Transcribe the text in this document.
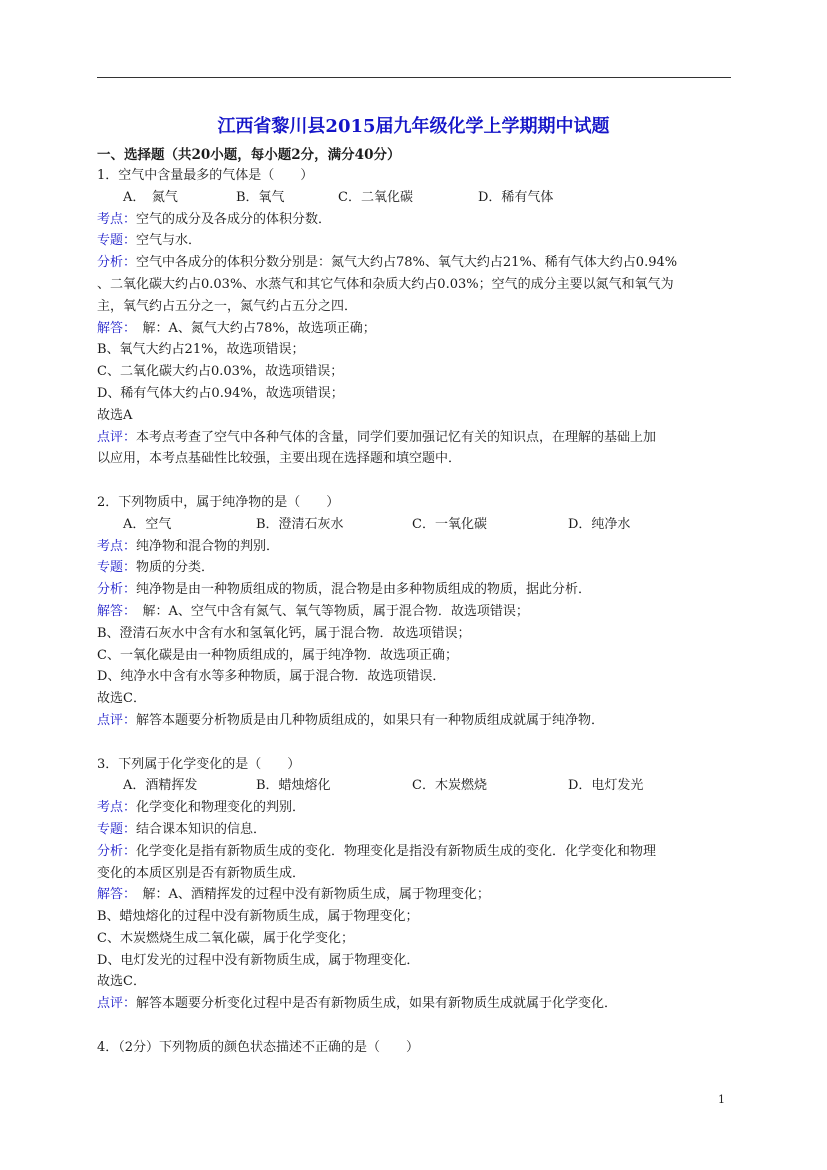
江西省黎川县2015届九年级化学上学期期中试题
一、选择题（共20小题，每小题2分，满分40分）
1．空气中含量最多的气体是（　　）
A．　氮气	B．氧气	C．二氧化碳	D．稀有气体
考点：空气的成分及各成分的体积分数．
专题：空气与水．
分析：空气中各成分的体积分数分别是：氮气大约占78%、氧气大约占21%、稀有气体大约占0.94%
、二氧化碳大约占0.03%、水蒸气和其它气体和杂质大约占0.03%；空气的成分主要以氮气和氧气为
主，氧气约占五分之一，氮气约占五分之四．
解答：　解：A、氮气大约占78%，故选项正确；
B、氧气大约占21%，故选项错误；
C、二氧化碳大约占0.03%，故选项错误；
D、稀有气体大约占0.94%，故选项错误；
故选A
点评：本考点考查了空气中各种气体的含量，同学们要加强记忆有关的知识点，在理解的基础上加
以应用，本考点基础性比较强，主要出现在选择题和填空题中．
2．下列物质中，属于纯净物的是（　　）
A．空气	B．澄清石灰水	C．一氧化碳	D．纯净水
考点：纯净物和混合物的判别．
专题：物质的分类．
分析：纯净物是由一种物质组成的物质，混合物是由多种物质组成的物质，据此分析．
解答：　解：A、空气中含有氮气、氧气等物质，属于混合物．故选项错误；
B、澄清石灰水中含有水和氢氧化钙，属于混合物．故选项错误；
C、一氧化碳是由一种物质组成的，属于纯净物．故选项正确；
D、纯净水中含有水等多种物质，属于混合物．故选项错误．
故选C．
点评：解答本题要分析物质是由几种物质组成的，如果只有一种物质组成就属于纯净物．
3．下列属于化学变化的是（　　）
A．酒精挥发	B．蜡烛熔化	C．木炭燃烧	D．电灯发光
考点：化学变化和物理变化的判别．
专题：结合课本知识的信息．
分析：化学变化是指有新物质生成的变化．物理变化是指没有新物质生成的变化．化学变化和物理
变化的本质区别是否有新物质生成．
解答：　解：A、酒精挥发的过程中没有新物质生成，属于物理变化；
B、蜡烛熔化的过程中没有新物质生成，属于物理变化；
C、木炭燃烧生成二氧化碳，属于化学变化；
D、电灯发光的过程中没有新物质生成，属于物理变化．
故选C．
点评：解答本题要分析变化过程中是否有新物质生成，如果有新物质生成就属于化学变化．
4．（2分）下列物质的颜色状态描述不正确的是（　　）
1
